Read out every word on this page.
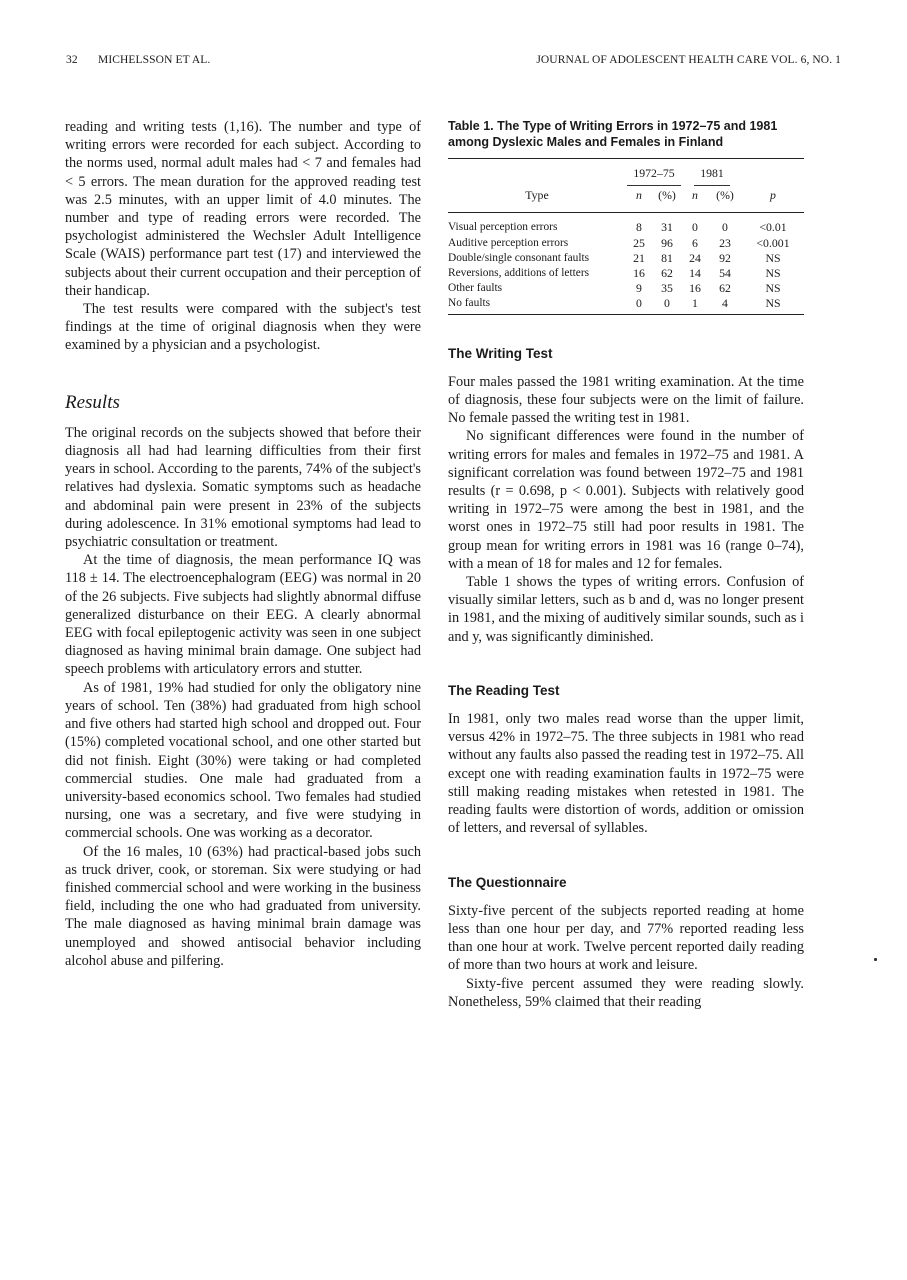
32 MICHELSSON ET AL.	JOURNAL OF ADOLESCENT HEALTH CARE VOL. 6, NO. 1

reading and writing tests (1,16). The number and type of writing errors were recorded for each subject. According to the norms used, normal adult males had < 7 and females had < 5 errors. The mean duration for the approved reading test was 2.5 minutes, with an upper limit of 4.0 minutes. The number and type of reading errors were recorded. The psychologist administered the Wechsler Adult Intelligence Scale (WAIS) performance part test (17) and interviewed the subjects about their current occupation and their perception of their handicap.

The test results were compared with the subject's test findings at the time of original diagnosis when they were examined by a physician and a psychologist.

Results

The original records on the subjects showed that before their diagnosis all had had learning difficulties from their first years in school. According to the parents, 74% of the subject's relatives had dyslexia. Somatic symptoms such as headache and abdominal pain were present in 23% of the subjects during adolescence. In 31% emotional symptoms had lead to psychiatric consultation or treatment.

At the time of diagnosis, the mean performance IQ was 118 ± 14. The electroencephalogram (EEG) was normal in 20 of the 26 subjects. Five subjects had slightly abnormal diffuse generalized disturbance on their EEG. A clearly abnormal EEG with focal epileptogenic activity was seen in one subject diagnosed as having minimal brain damage. One subject had speech problems with articulatory errors and stutter.

As of 1981, 19% had studied for only the obligatory nine years of school. Ten (38%) had graduated from high school and five others had started high school and dropped out. Four (15%) completed vocational school, and one other started but did not finish. Eight (30%) were taking or had completed commercial studies. One male had graduated from a university-based economics school. Two females had studied nursing, one was a secretary, and five were studying in commercial schools. One was working as a decorator.

Of the 16 males, 10 (63%) had practical-based jobs such as truck driver, cook, or storeman. Six were studying or had finished commercial school and were working in the business field, including the one who had graduated from university. The male diagnosed as having minimal brain damage was unemployed and showed antisocial behavior including alcohol abuse and pilfering.

Table 1. The Type of Writing Errors in 1972–75 and 1981 among Dyslexic Males and Females in Finland
	1972–75		1981		
Type	n	(%)	n	(%)	p
Visual perception errors	8	31	0	0	<0.01
Auditive perception errors	25	96	6	23	<0.001
Double/single consonant faults	21	81	24	92	NS
Reversions, additions of letters	16	62	14	54	NS
Other faults	9	35	16	62	NS
No faults	0	0	1	4	NS
The Writing Test

Four males passed the 1981 writing examination. At the time of diagnosis, these four subjects were on the limit of failure. No female passed the writing test in 1981.

No significant differences were found in the number of writing errors for males and females in 1972–75 and 1981. A significant correlation was found between 1972–75 and 1981 results (r = 0.698, p < 0.001). Subjects with relatively good writing in 1972–75 were among the best in 1981, and the worst ones in 1972–75 still had poor results in 1981. The group mean for writing errors in 1981 was 16 (range 0–74), with a mean of 18 for males and 12 for females.

Table 1 shows the types of writing errors. Confusion of visually similar letters, such as b and d, was no longer present in 1981, and the mixing of auditively similar sounds, such as i and y, was significantly diminished.

The Reading Test

In 1981, only two males read worse than the upper limit, versus 42% in 1972–75. The three subjects in 1981 who read without any faults also passed the reading test in 1972–75. All except one with reading examination faults in 1972–75 were still making reading mistakes when retested in 1981. The reading faults were distortion of words, addition or omission of letters, and reversal of syllables.

The Questionnaire

Sixty-five percent of the subjects reported reading at home less than one hour per day, and 77% reported reading less than one hour at work. Twelve percent reported daily reading of more than two hours at work and leisure.

Sixty-five percent assumed they were reading slowly. Nonetheless, 59% claimed that their reading
